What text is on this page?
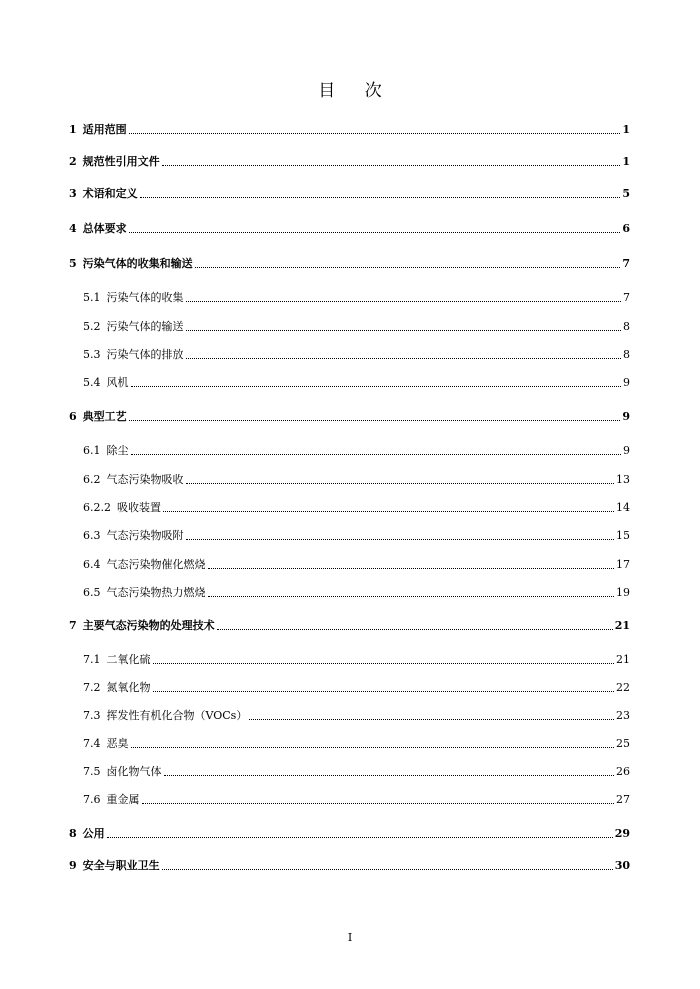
目 次
1 适用范围	1
2 规范性引用文件	1
3 术语和定义	5
4 总体要求	6
5 污染气体的收集和输送	7
5.1 污染气体的收集	7
5.2 污染气体的输送	8
5.3 污染气体的排放	8
5.4 风机	9
6 典型工艺	9
6.1 除尘	9
6.2 气态污染物吸收	13
6.2.2 吸收装置	14
6.3 气态污染物吸附	15
6.4 气态污染物催化燃烧	17
6.5 气态污染物热力燃烧	19
7 主要气态污染物的处理技术	21
7.1 二氧化硫	21
7.2 氮氧化物	22
7.3 挥发性有机化合物（VOCs）	23
7.4 恶臭	25
7.5 卤化物气体	26
7.6 重金属	27
8 公用	29
9 安全与职业卫生	30
I
